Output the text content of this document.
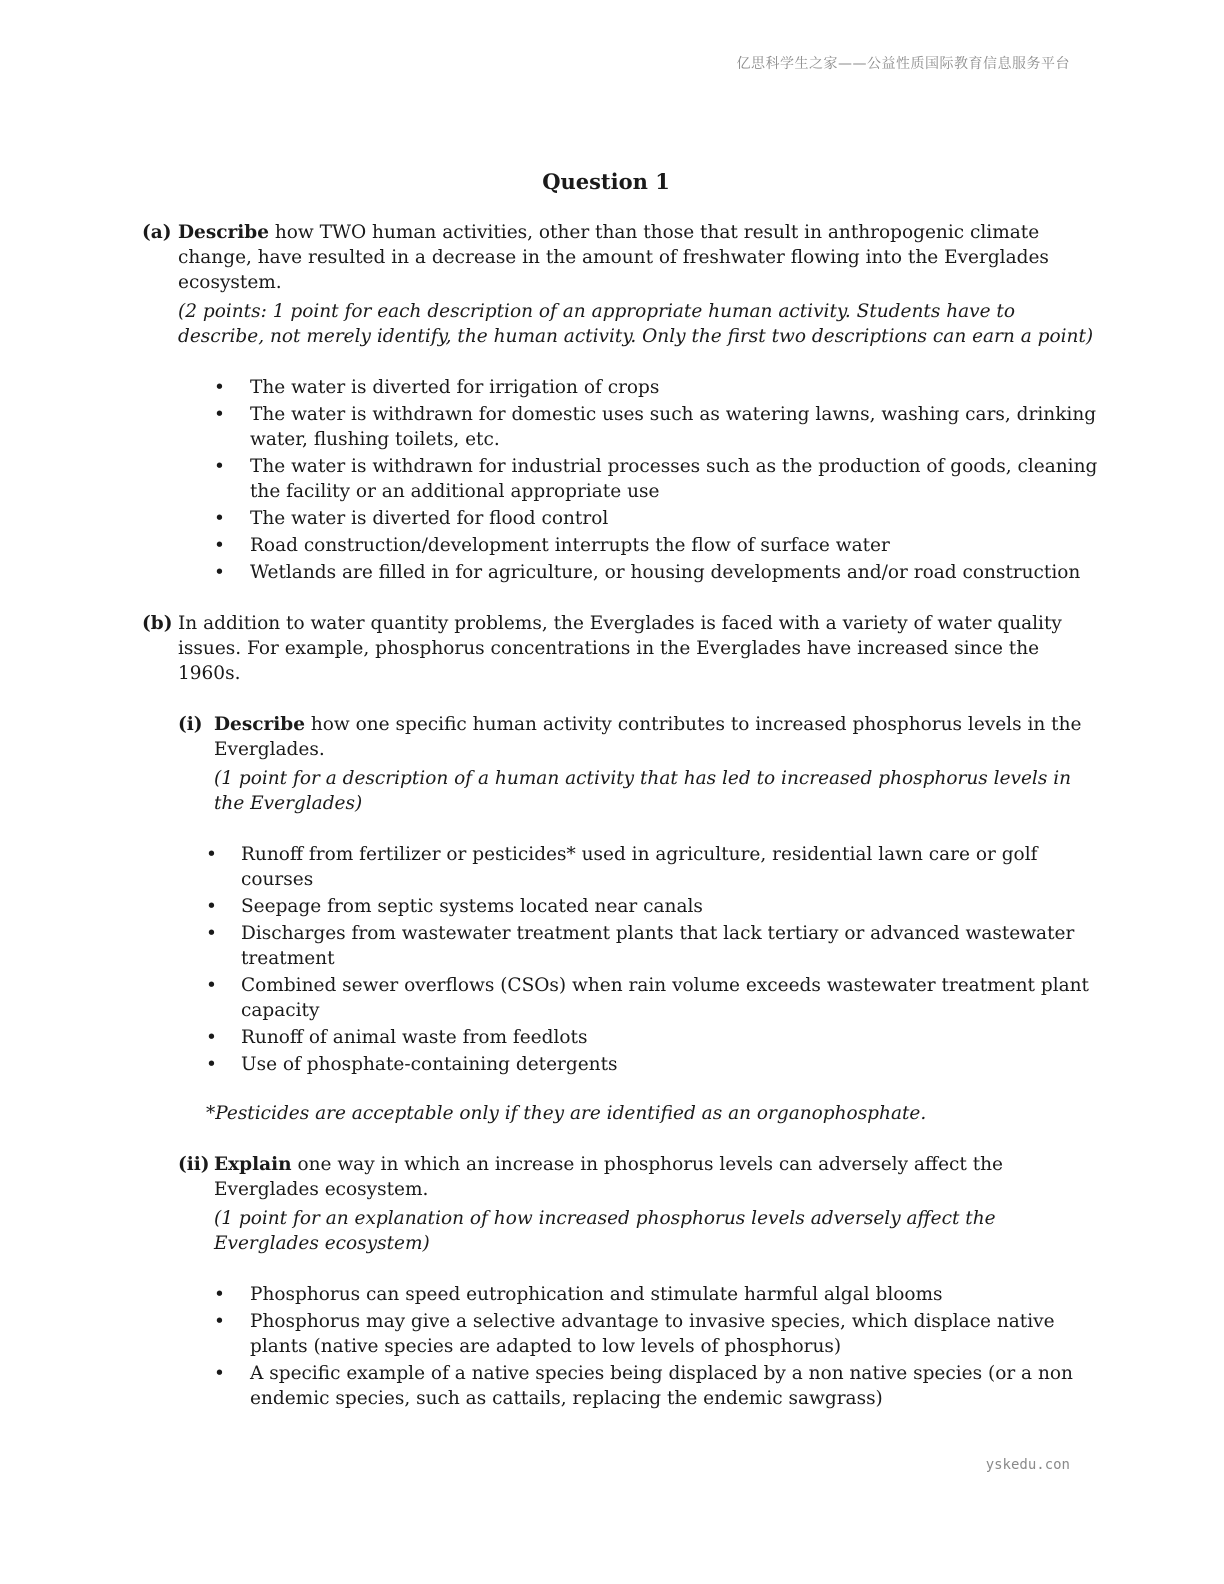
亿思科学生之家——公益性质国际教育信息服务平台
Question 1
(a) Describe how TWO human activities, other than those that result in anthropogenic climate change, have resulted in a decrease in the amount of freshwater flowing into the Everglades ecosystem.
(2 points: 1 point for each description of an appropriate human activity. Students have to describe, not merely identify, the human activity. Only the first two descriptions can earn a point)
• The water is diverted for irrigation of crops
• The water is withdrawn for domestic uses such as watering lawns, washing cars, drinking water, flushing toilets, etc.
• The water is withdrawn for industrial processes such as the production of goods, cleaning the facility or an additional appropriate use
• The water is diverted for flood control
• Road construction/development interrupts the flow of surface water
• Wetlands are filled in for agriculture, or housing developments and/or road construction
(b) In addition to water quantity problems, the Everglades is faced with a variety of water quality issues. For example, phosphorus concentrations in the Everglades have increased since the 1960s.
(i) Describe how one specific human activity contributes to increased phosphorus levels in the Everglades.
(1 point for a description of a human activity that has led to increased phosphorus levels in the Everglades)
• Runoff from fertilizer or pesticides* used in agriculture, residential lawn care or golf courses
• Seepage from septic systems located near canals
• Discharges from wastewater treatment plants that lack tertiary or advanced wastewater treatment
• Combined sewer overflows (CSOs) when rain volume exceeds wastewater treatment plant capacity
• Runoff of animal waste from feedlots
• Use of phosphate-containing detergents
*Pesticides are acceptable only if they are identified as an organophosphate.
(ii) Explain one way in which an increase in phosphorus levels can adversely affect the Everglades ecosystem.
(1 point for an explanation of how increased phosphorus levels adversely affect the Everglades ecosystem)
• Phosphorus can speed eutrophication and stimulate harmful algal blooms
• Phosphorus may give a selective advantage to invasive species, which displace native plants (native species are adapted to low levels of phosphorus)
• A specific example of a native species being displaced by a non native species (or a non endemic species, such as cattails, replacing the endemic sawgrass)
yskedu.con
